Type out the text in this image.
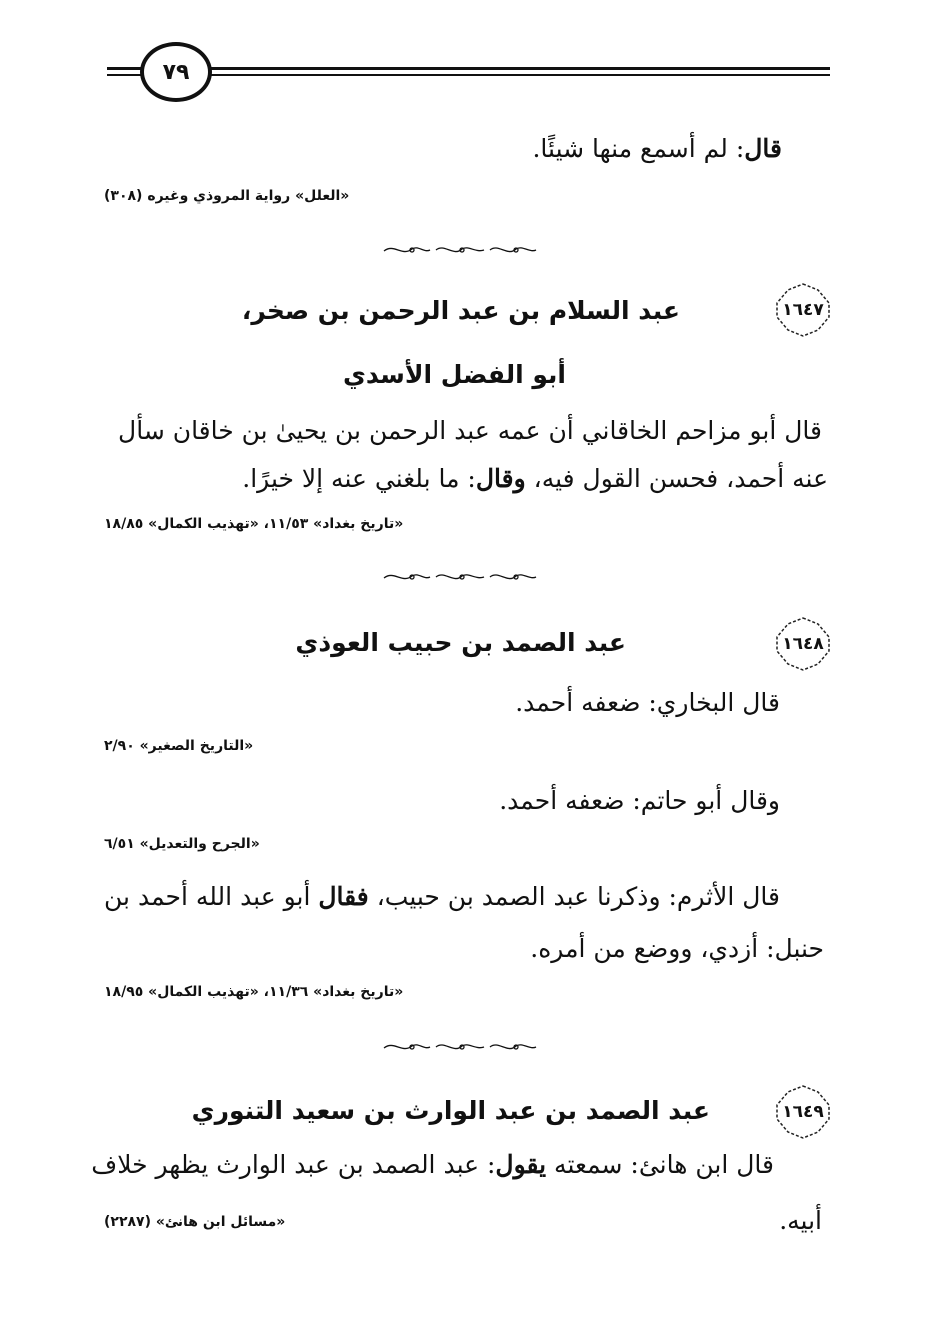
٧٩
قال: لم أسمع منها شيئًا.
«العلل» رواية المروذي وغيره (٣٠٨)
١٦٤٧
عبد السلام بن عبد الرحمن بن صخر،
أبو الفضل الأسدي
قال أبو مزاحم الخاقاني أن عمه عبد الرحمن بن يحيىٰ بن خاقان سأل
عنه أحمد، فحسن القول فيه، وقال: ما بلغني عنه إلا خيرًا.
«تاريخ بغداد» ١١/٥٣، «تهذيب الكمال» ١٨/٨٥
١٦٤٨
عبد الصمد بن حبيب العوذي
قال البخاري: ضعفه أحمد.
«التاريخ الصغير» ٢/٩٠
وقال أبو حاتم: ضعفه أحمد.
«الجرح والتعديل» ٦/٥١
قال الأثرم: وذكرنا عبد الصمد بن حبيب، فقال أبو عبد الله أحمد بن
حنبل: أزدي، ووضع من أمره.
«تاريخ بغداد» ١١/٣٦، «تهذيب الكمال» ١٨/٩٥
١٦٤٩
عبد الصمد بن عبد الوارث بن سعيد التنوري
قال ابن هانئ: سمعته يقول: عبد الصمد بن عبد الوارث يظهر خلاف
أبيه.
«مسائل ابن هانئ» (٢٢٨٧)
